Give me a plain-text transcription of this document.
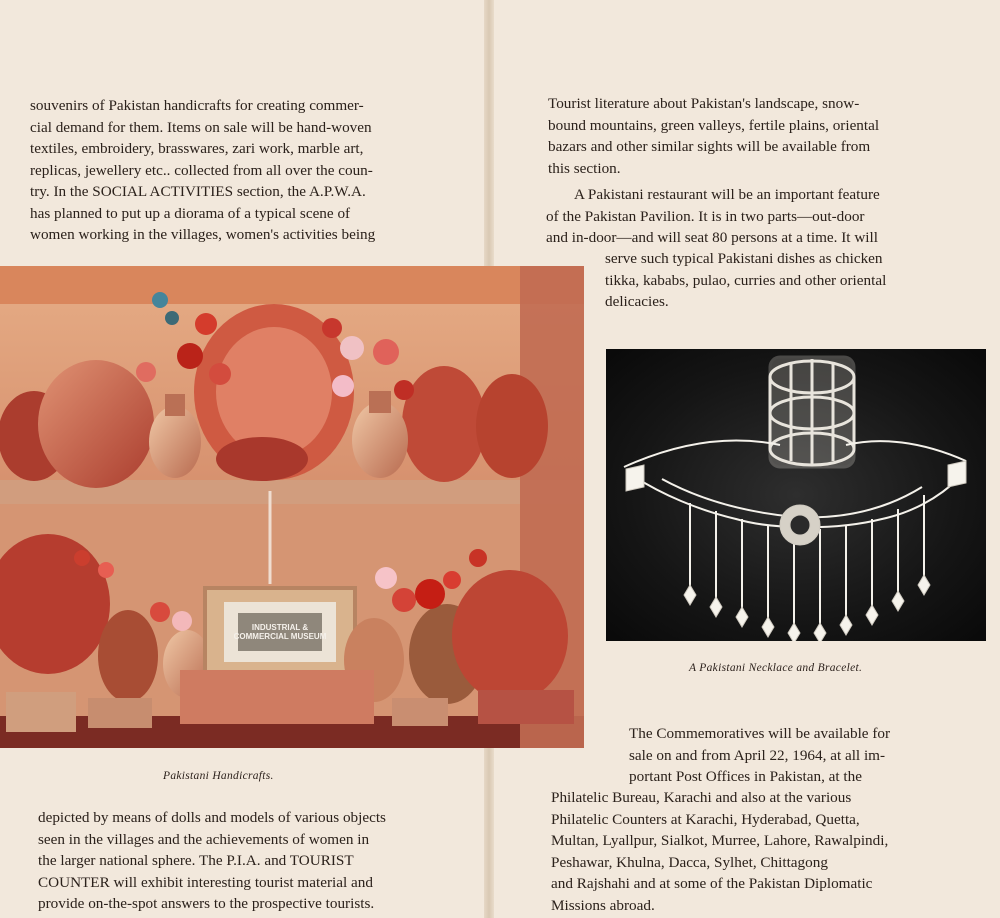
souvenirs of Pakistan handicrafts for creating commer-

cial demand for them. Items on sale will be hand-woven

textiles, embroidery, brasswares, zari work, marble art,

replicas, jewellery etc.. collected from all over the coun-

try. In the SOCIAL ACTIVITIES section, the A.P.W.A.

has planned to put up a diorama of a typical scene of

women working in the villages, women's activities being

INDUSTRIAL & COMMERCIAL MUSEUM
Pakistani Handicrafts.

depicted by means of dolls and models of various objects

seen in the villages and the achievements of women in

the larger national sphere. The P.I.A. and TOURIST

COUNTER will exhibit interesting tourist material and

provide on-the-spot answers to the prospective tourists.

Tourist literature about Pakistan's landscape, snow-

bound mountains, green valleys, fertile plains, oriental

bazars and other similar sights will be available from

this section.

A Pakistani restaurant will be an important feature

of the Pakistan Pavilion. It is in two parts—out-door

and in-door—and will seat 80 persons at a time. It will

serve such typical Pakistani dishes as chicken

tikka, kababs, pulao, curries and other oriental

delicacies.

A Pakistani Necklace and Bracelet.

The Commemoratives will be available for

sale on and from April 22, 1964, at all im-

portant Post Offices in Pakistan, at the

Philatelic Bureau, Karachi and also at the various

Philatelic Counters at Karachi, Hyderabad, Quetta,

Multan, Lyallpur, Sialkot, Murree, Lahore, Rawalpindi,

Peshawar, Khulna, Dacca, Sylhet, Chittagong

and Rajshahi and at some of the Pakistan Diplomatic

Missions abroad.
